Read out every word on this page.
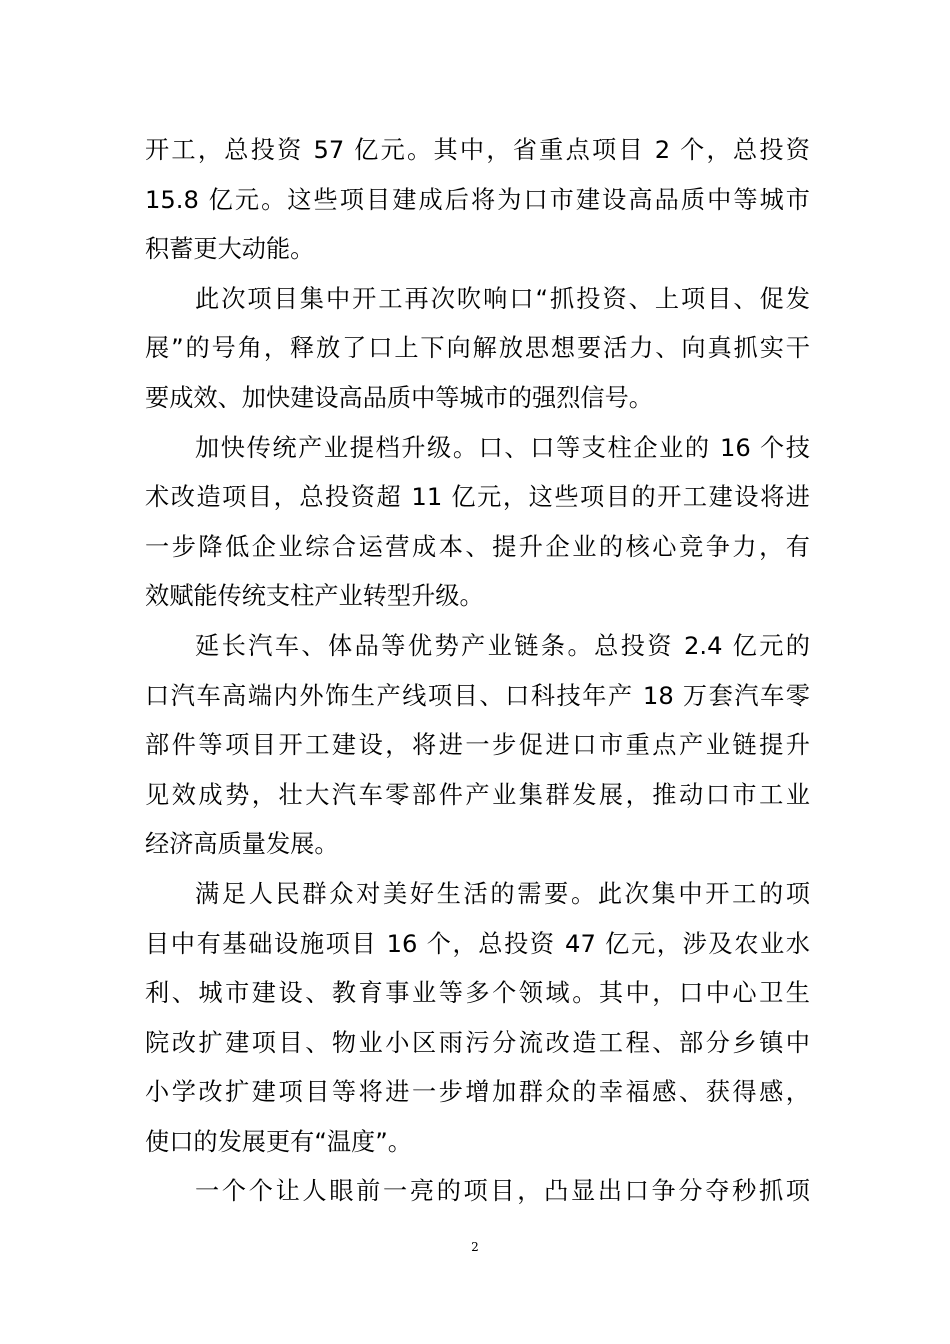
开工，总投资 57 亿元。其中，省重点项目 2 个，总投资
15.8 亿元。这些项目建成后将为口市建设高品质中等城市
积蓄更大动能。
此次项目集中开工再次吹响口“抓投资、上项目、促发
展”的号角，释放了口上下向解放思想要活力、向真抓实干
要成效、加快建设高品质中等城市的强烈信号。
加快传统产业提档升级。口、口等支柱企业的 16 个技
术改造项目，总投资超 11 亿元，这些项目的开工建设将进
一步降低企业综合运营成本、提升企业的核心竞争力，有
效赋能传统支柱产业转型升级。
延长汽车、体品等优势产业链条。总投资 2.4 亿元的
口汽车高端内外饰生产线项目、口科技年产 18 万套汽车零
部件等项目开工建设，将进一步促进口市重点产业链提升
见效成势，壮大汽车零部件产业集群发展，推动口市工业
经济高质量发展。
满足人民群众对美好生活的需要。此次集中开工的项
目中有基础设施项目 16 个，总投资 47 亿元，涉及农业水
利、城市建设、教育事业等多个领域。其中，口中心卫生
院改扩建项目、物业小区雨污分流改造工程、部分乡镇中
小学改扩建项目等将进一步增加群众的幸福感、获得感，
使口的发展更有“温度”。
一个个让人眼前一亮的项目，凸显出口争分夺秒抓项
2
